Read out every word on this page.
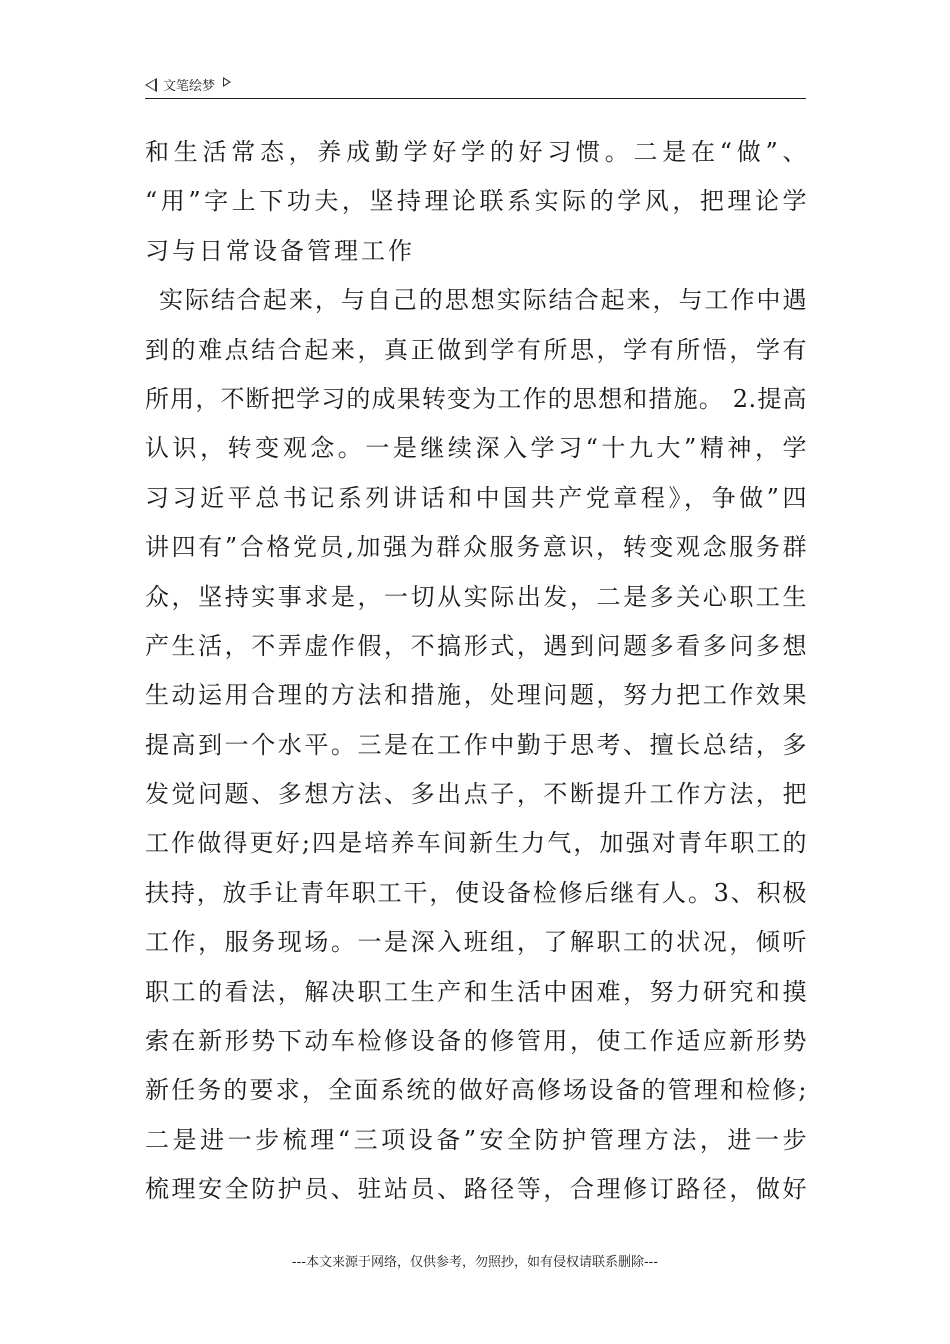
文笔绘梦
和生活常态，养成勤学好学的好习惯。二是在“做”、
“用”字上下功夫，坚持理论联系实际的学风，把理论学
习与日常设备管理工作
实际结合起来，与自己的思想实际结合起来，与工作中遇
到的难点结合起来，真正做到学有所思，学有所悟，学有
所用，不断把学习的成果转变为工作的思想和措施。 2.提高
认识，转变观念。一是继续深入学习“十九大”精神，学
习习近平总书记系列讲话和中国共产党章程》，争做”四
讲四有”合格党员,加强为群众服务意识，转变观念服务群
众，坚持实事求是，一切从实际出发，二是多关心职工生
产生活，不弄虚作假，不搞形式，遇到问题多看多问多想
生动运用合理的方法和措施，处理问题，努力把工作效果
提高到一个水平。三是在工作中勤于思考、擅长总结，多
发觉问题、多想方法、多出点子，不断提升工作方法，把
工作做得更好;四是培养车间新生力气，加强对青年职工的
扶持，放手让青年职工干，使设备检修后继有人。3、积极
工作，服务现场。一是深入班组，了解职工的状况，倾听
职工的看法，解决职工生产和生活中困难，努力研究和摸
索在新形势下动车检修设备的修管用，使工作适应新形势
新任务的要求，全面系统的做好高修场设备的管理和检修;
二是进一步梳理“三项设备”安全防护管理方法，进一步
梳理安全防护员、驻站员、路径等，合理修订路径，做好
---本文来源于网络，仅供参考，勿照抄，如有侵权请联系删除---
